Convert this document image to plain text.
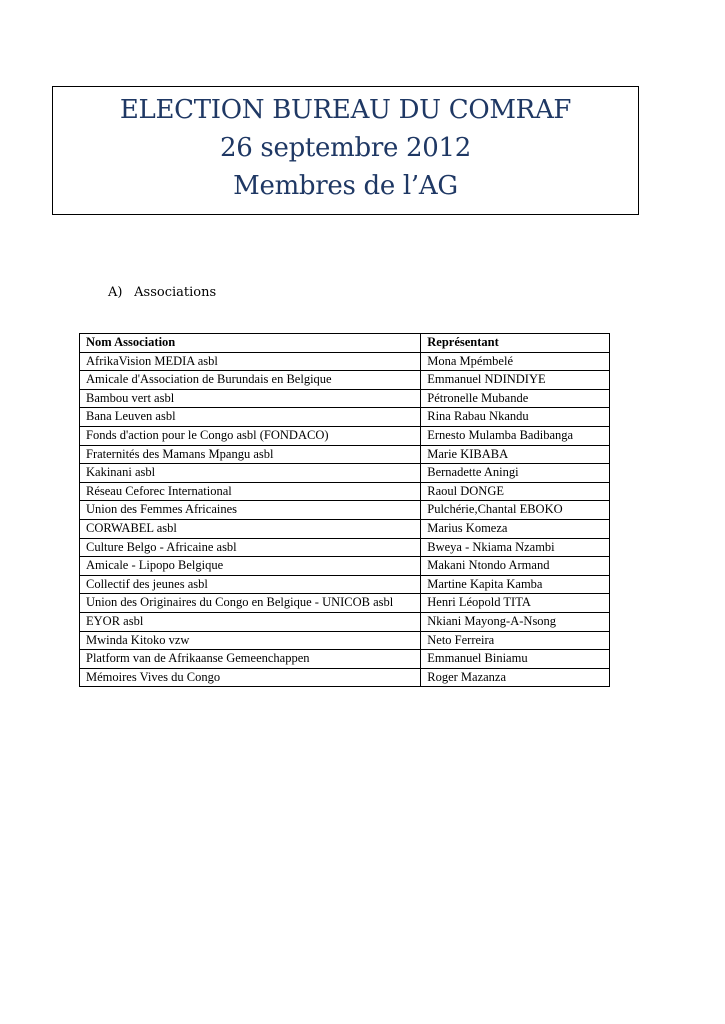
ELECTION BUREAU DU COMRAF
26 septembre 2012
Membres de l’AG
A) Associations
Nom Association	Représentant
AfrikaVision MEDIA asbl	Mona Mpémbelé
Amicale d'Association de Burundais en Belgique	Emmanuel NDINDIYE
Bambou vert asbl	Pétronelle Mubande
Bana Leuven asbl	Rina Rabau Nkandu
Fonds d'action pour le Congo asbl (FONDACO)	Ernesto Mulamba Badibanga
Fraternités des Mamans Mpangu asbl	Marie KIBABA
Kakinani asbl	Bernadette Aningi
Réseau Ceforec International	Raoul DONGE
Union des Femmes Africaines	Pulchérie,Chantal EBOKO
CORWABEL asbl	Marius Komeza
Culture Belgo - Africaine asbl	Bweya - Nkiama Nzambi
Amicale - Lipopo Belgique	Makani Ntondo Armand
Collectif des jeunes asbl	Martine Kapita Kamba
Union des Originaires du Congo en Belgique - UNICOB asbl	Henri Léopold TITA
EYOR asbl	Nkiani Mayong-A-Nsong
Mwinda Kitoko vzw	Neto Ferreira
Platform van de Afrikaanse Gemeenchappen	Emmanuel Biniamu
Mémoires Vives du Congo	Roger Mazanza
